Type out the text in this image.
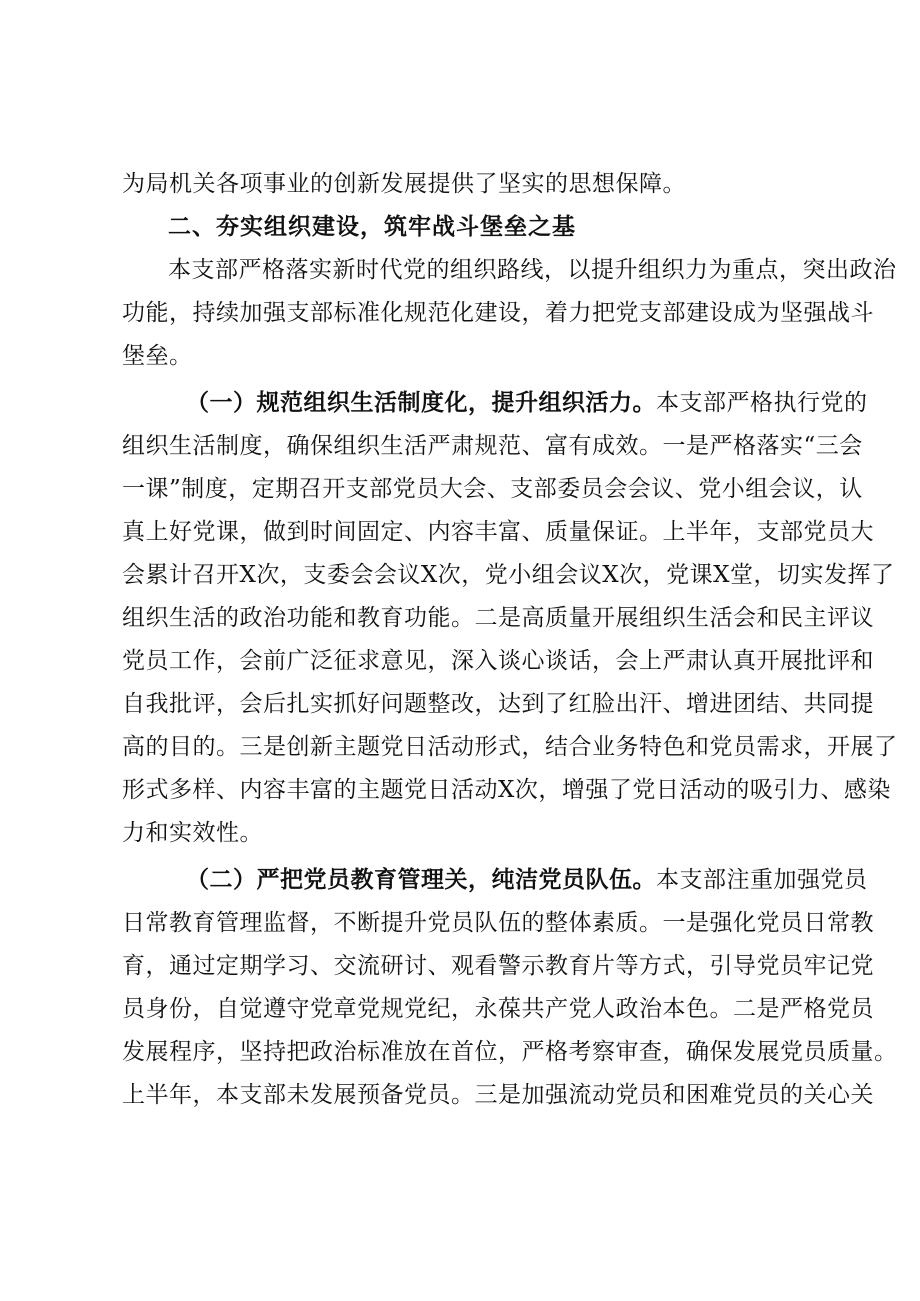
为局机关各项事业的创新发展提供了坚实的思想保障。
二、夯实组织建设，筑牢战斗堡垒之基
本支部严格落实新时代党的组织路线，以提升组织力为重点，突出政治
功能，持续加强支部标准化规范化建设，着力把党支部建设成为坚强战斗
堡垒。
（一）规范组织生活制度化，提升组织活力。本支部严格执行党的
组织生活制度，确保组织生活严肃规范、富有成效。一是严格落实“三会
一课”制度，定期召开支部党员大会、支部委员会会议、党小组会议，认
真上好党课，做到时间固定、内容丰富、质量保证。上半年，支部党员大
会累计召开X次，支委会会议X次，党小组会议X次，党课X堂，切实发挥了
组织生活的政治功能和教育功能。二是高质量开展组织生活会和民主评议
党员工作，会前广泛征求意见，深入谈心谈话，会上严肃认真开展批评和
自我批评，会后扎实抓好问题整改，达到了红脸出汗、增进团结、共同提
高的目的。三是创新主题党日活动形式，结合业务特色和党员需求，开展了
形式多样、内容丰富的主题党日活动X次，增强了党日活动的吸引力、感染
力和实效性。
（二）严把党员教育管理关，纯洁党员队伍。本支部注重加强党员
日常教育管理监督，不断提升党员队伍的整体素质。一是强化党员日常教
育，通过定期学习、交流研讨、观看警示教育片等方式，引导党员牢记党
员身份，自觉遵守党章党规党纪，永葆共产党人政治本色。二是严格党员
发展程序，坚持把政治标准放在首位，严格考察审查，确保发展党员质量。
上半年，本支部未发展预备党员。三是加强流动党员和困难党员的关心关
